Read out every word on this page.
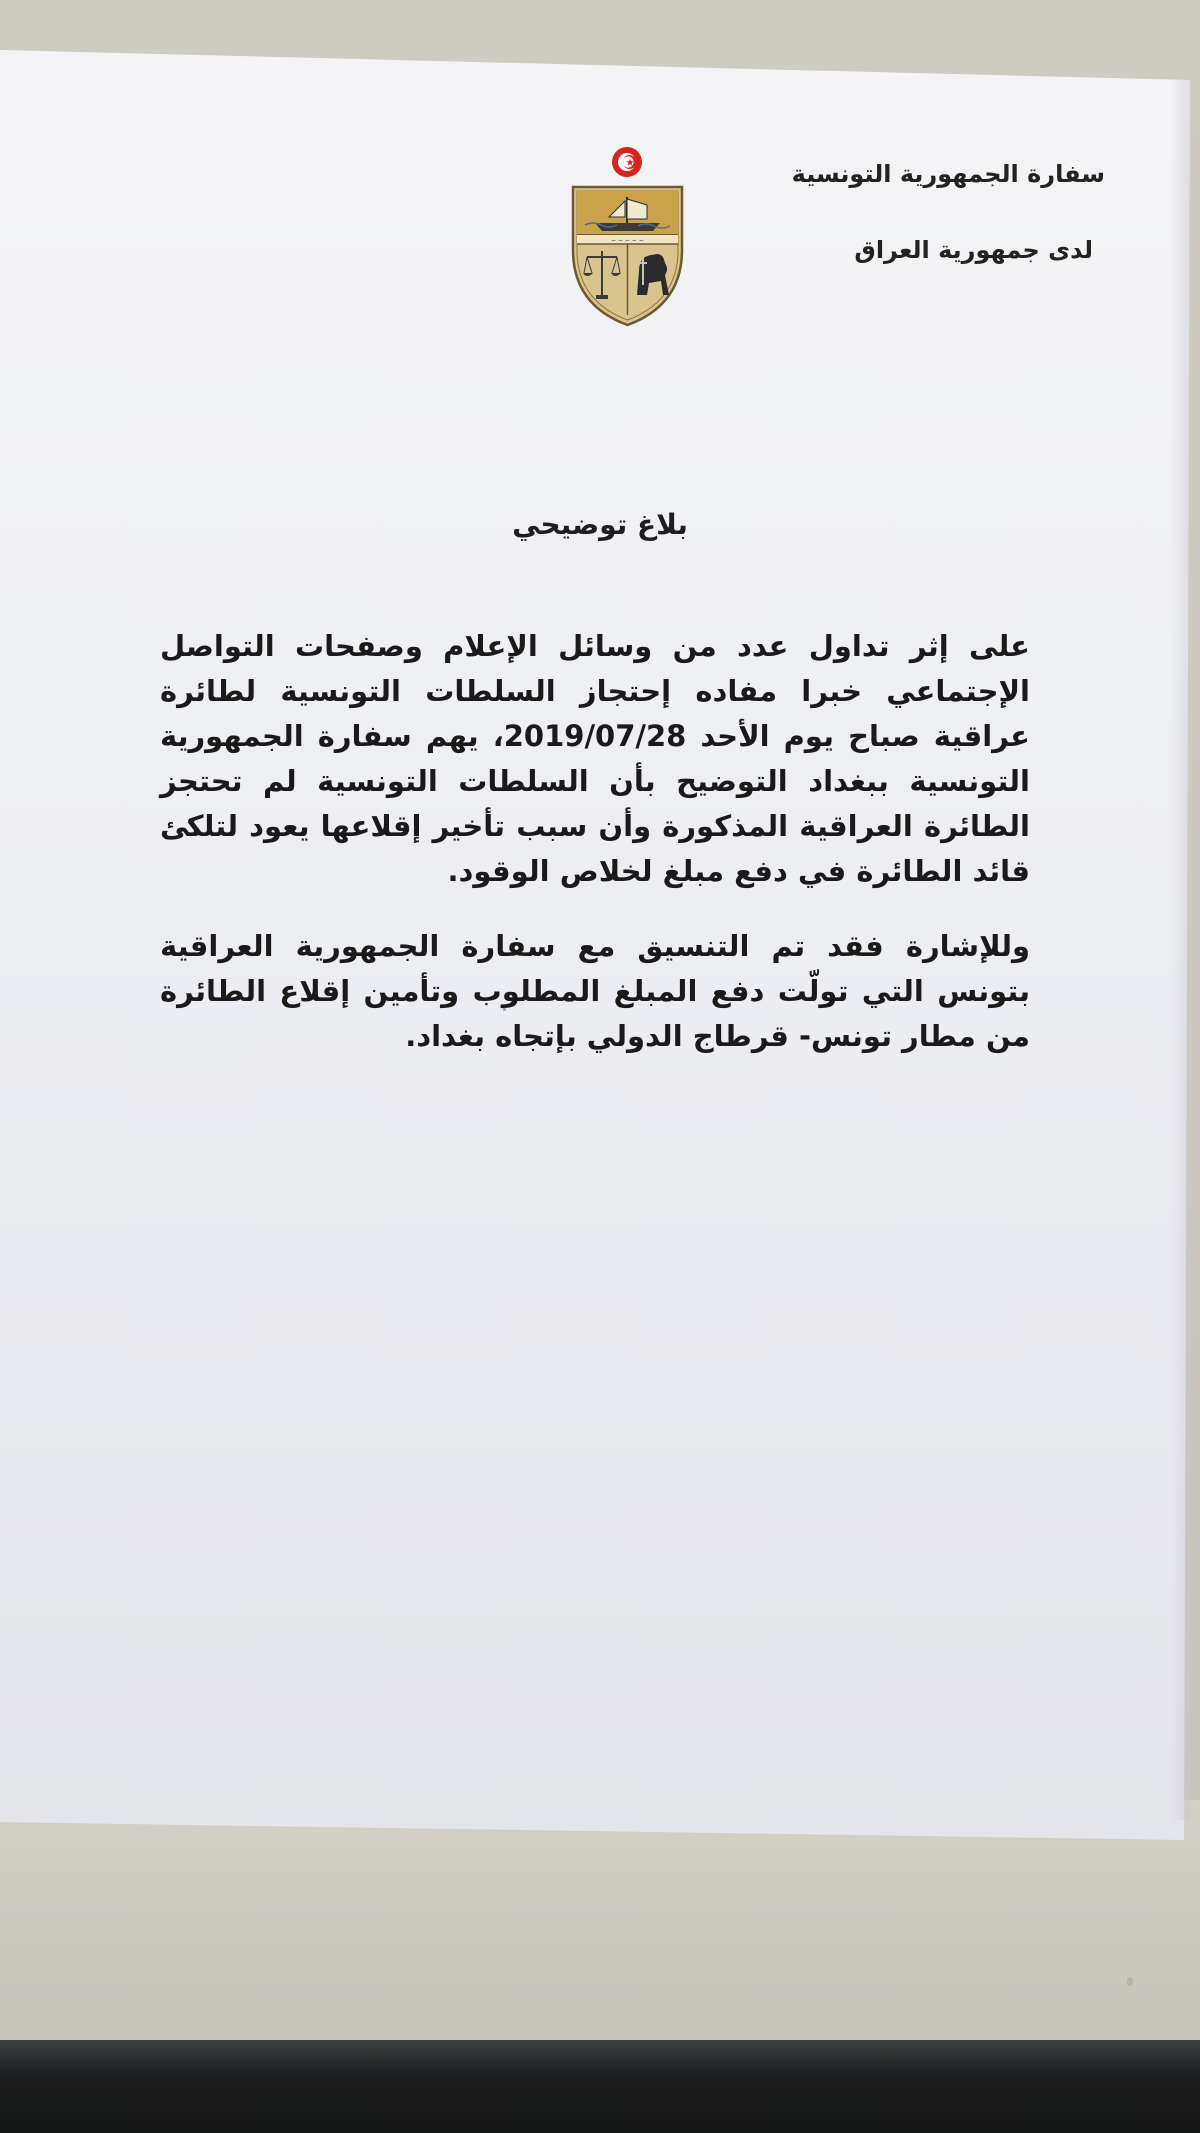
~ ~ ~ ~ ~
سفارة الجمهورية التونسية
لدى جمهورية العراق
بلاغ توضيحي

على إثر تداول عدد من وسائل الإعلام وصفحات التواصل الإجتماعي خبرا مفاده إحتجاز السلطات التونسية لطائرة عراقية صباح يوم الأحد 2019/07/28، يهم سفارة الجمهورية التونسية ببغداد التوضيح بأن السلطات التونسية لم تحتجز الطائرة العراقية المذكورة وأن سبب تأخير إقلاعها يعود لتلكئ قائد الطائرة في دفع مبلغ لخلاص الوقود.

وللإشارة فقد تم التنسيق مع سفارة الجمهورية العراقية بتونس التي تولّت دفع المبلغ المطلوب وتأمين إقلاع الطائرة من مطار تونس- قرطاج الدولي بإتجاه بغداد.
